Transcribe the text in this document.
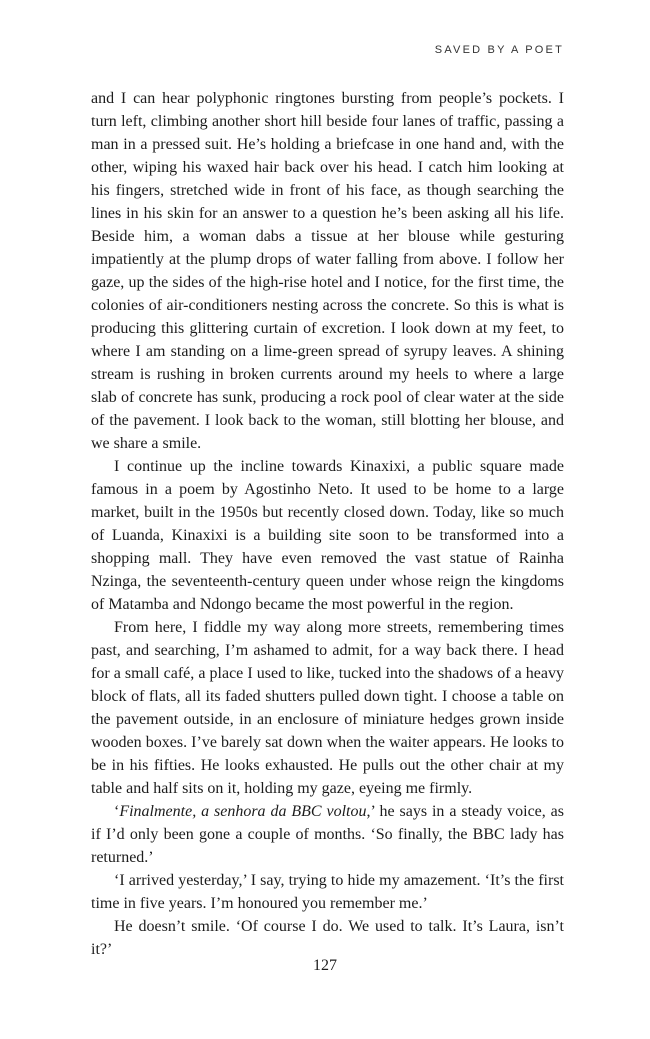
SAVED BY A POET

and I can hear polyphonic ringtones bursting from people’s pockets. I turn left, climbing another short hill beside four lanes of traffic, passing a man in a pressed suit. He’s holding a briefcase in one hand and, with the other, wiping his waxed hair back over his head. I catch him looking at his fingers, stretched wide in front of his face, as though searching the lines in his skin for an answer to a question he’s been asking all his life. Beside him, a woman dabs a tissue at her blouse while gesturing impatiently at the plump drops of water falling from above. I follow her gaze, up the sides of the high-rise hotel and I notice, for the first time, the colonies of air-conditioners nesting across the concrete. So this is what is producing this glittering curtain of excretion. I look down at my feet, to where I am standing on a lime-green spread of syrupy leaves. A shining stream is rushing in broken currents around my heels to where a large slab of concrete has sunk, producing a rock pool of clear water at the side of the pavement. I look back to the woman, still blotting her blouse, and we share a smile.

I continue up the incline towards Kinaxixi, a public square made famous in a poem by Agostinho Neto. It used to be home to a large market, built in the 1950s but recently closed down. Today, like so much of Luanda, Kinaxixi is a building site soon to be transformed into a shopping mall. They have even removed the vast statue of Rainha Nzinga, the seventeenth-century queen under whose reign the kingdoms of Matamba and Ndongo became the most powerful in the region.

From here, I fiddle my way along more streets, remembering times past, and searching, I’m ashamed to admit, for a way back there. I head for a small café, a place I used to like, tucked into the shadows of a heavy block of flats, all its faded shutters pulled down tight. I choose a table on the pavement outside, in an enclosure of miniature hedges grown inside wooden boxes. I’ve barely sat down when the waiter appears. He looks to be in his fifties. He looks exhausted. He pulls out the other chair at my table and half sits on it, holding my gaze, eyeing me firmly.

‘Finalmente, a senhora da BBC voltou,’ he says in a steady voice, as if I’d only been gone a couple of months. ‘So finally, the BBC lady has returned.’

‘I arrived yesterday,’ I say, trying to hide my amazement. ‘It’s the first time in five years. I’m honoured you remember me.’

He doesn’t smile. ‘Of course I do. We used to talk. It’s Laura, isn’t it?’

127
